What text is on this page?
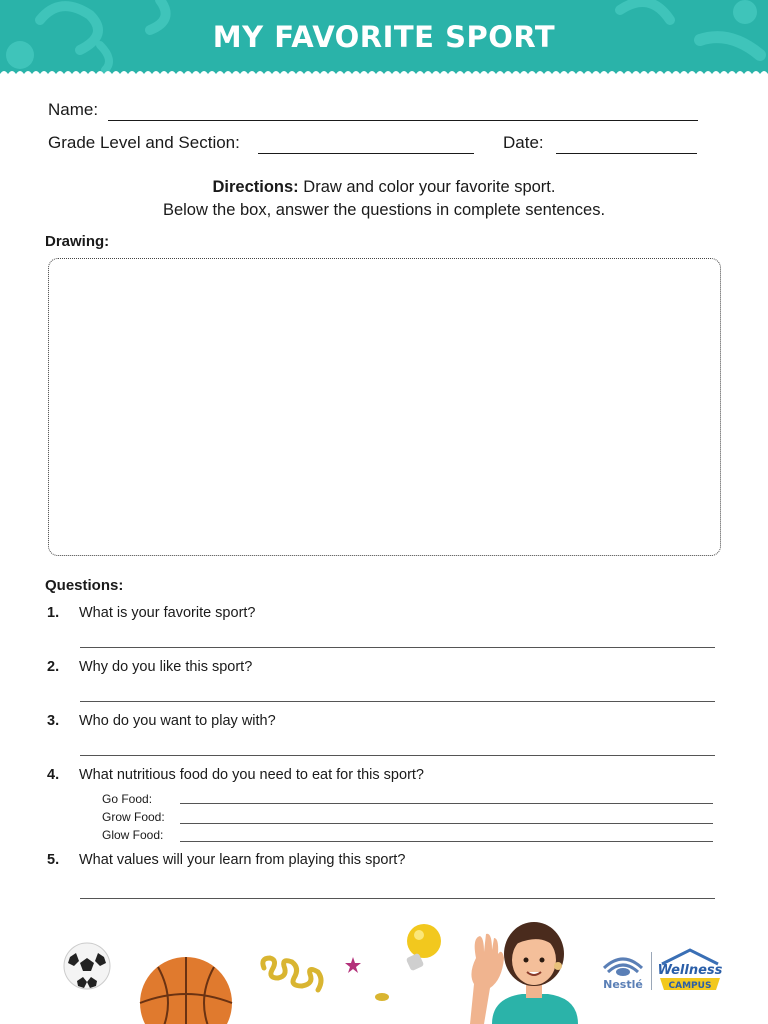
MY FAVORITE SPORT
Name:
Grade Level and Section:	Date:
Directions: Draw and color your favorite sport.
Below the box, answer the questions in complete sentences.
Drawing:
Questions:
1. What is your favorite sport?
2. Why do you like this sport?
3. Who do you want to play with?
4. What nutritious food do you need to eat for this sport?
Go Food:
Grow Food:
Glow Food:
5. What values will your learn from playing this sport?
Nestlé
Wellness
CAMPUS
